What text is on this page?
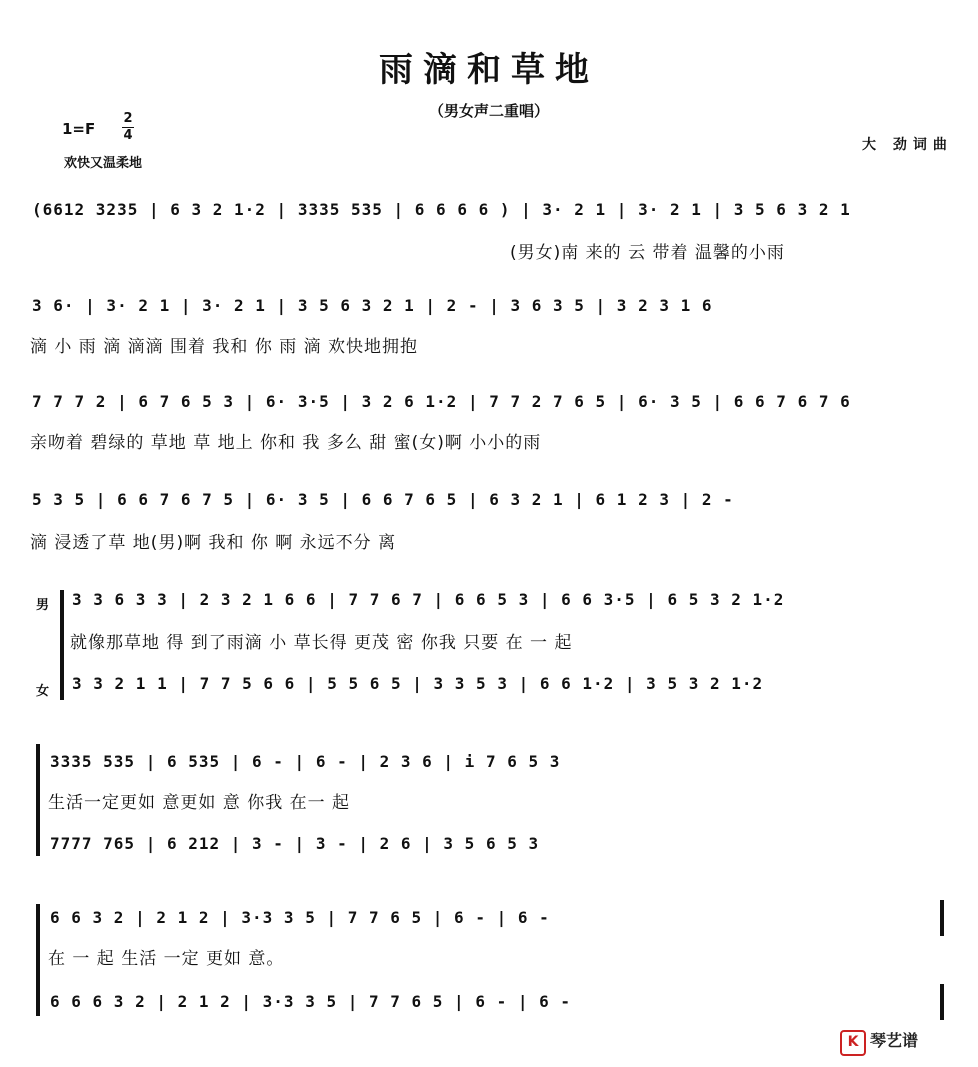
雨滴和草地
（男女声二重唱）
1=F
2
4
欢快又温柔地
大 劲词曲
(6612 3235 | 6 3 2 1·2 | 3335 535 | 6 6 6 6 ) | 3· 2 1 | 3· 2 1 | 3 5 6 3 2 1
(男女)南 来的 云 带着 温馨的小雨
3 6· | 3· 2 1 | 3· 2 1 | 3 5 6 3 2 1 | 2 - | 3 6 3 5 | 3 2 3 1 6
滴 小 雨 滴 滴滴 围着 我和 你 雨 滴 欢快地拥抱
7 7 7 2 | 6 7 6 5 3 | 6· 3·5 | 3 2 6 1·2 | 7 7 2 7 6 5 | 6· 3 5 | 6 6 7 6 7 6
亲吻着 碧绿的 草地 草 地上 你和 我 多么 甜 蜜(女)啊 小小的雨
5 3 5 | 6 6 7 6 7 5 | 6· 3 5 | 6 6 7 6 5 | 6 3 2 1 | 6 1 2 3 | 2 -
滴 浸透了草 地(男)啊 我和 你 啊 永远不分 离
男
女
3 3 6 3 3 | 2 3 2 1 6 6 | 7 7 6 7 | 6 6 5 3 | 6 6 3·5 | 6 5 3 2 1·2
就像那草地 得 到了雨滴 小 草长得 更茂 密 你我 只要 在 一 起
3 3 2 1 1 | 7 7 5 6 6 | 5 5 6 5 | 3 3 5 3 | 6 6 1·2 | 3 5 3 2 1·2
3335 535 | 6 535 | 6 - | 6 - | 2 3 6 | i 7 6 5 3
生活一定更如 意更如 意 你我 在一 起
7777 765 | 6 212 | 3 - | 3 - | 2 6 | 3 5 6 5 3
6 6 3 2 | 2 1 2 | 3·3 3 5 | 7 7 6 5 | 6 - | 6 -
在 一 起 生活 一定 更如 意。
6 6 6 3 2 | 2 1 2 | 3·3 3 5 | 7 7 6 5 | 6 - | 6 -
K 琴艺谱
